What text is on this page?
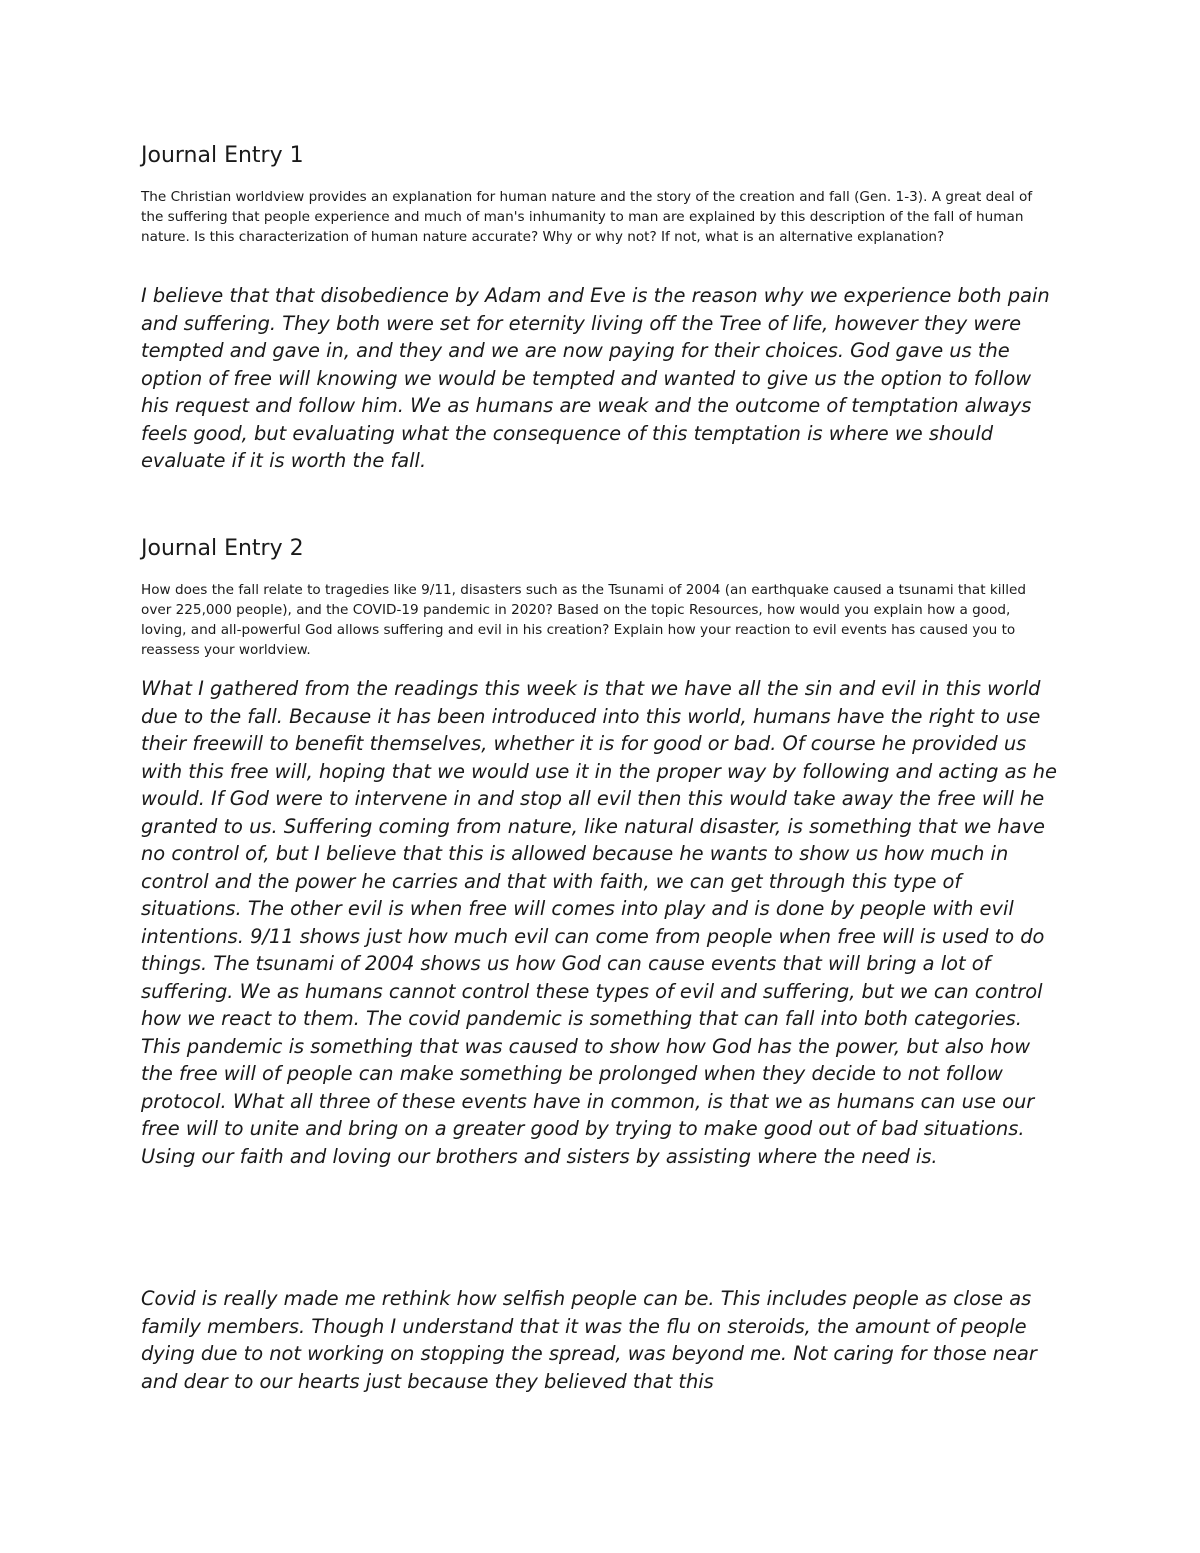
Journal Entry 1

The Christian worldview provides an explanation for human nature and the story of the creation and fall (Gen. 1-3). A great deal of the suffering that people experience and much of man's inhumanity to man are explained by this description of the fall of human nature. Is this characterization of human nature accurate? Why or why not? If not, what is an alternative explanation?

I believe that that disobedience by Adam and Eve is the reason why we experience both pain and suffering. They both were set for eternity living off the Tree of life, however they were tempted and gave in, and they and we are now paying for their choices. God gave us the option of free will knowing we would be tempted and wanted to give us the option to follow his request and follow him. We as humans are weak and the outcome of temptation always feels good, but evaluating what the consequence of this temptation is where we should evaluate if it is worth the fall.

Journal Entry 2

How does the fall relate to tragedies like 9/11, disasters such as the Tsunami of 2004 (an earthquake caused a tsunami that killed over 225,000 people), and the COVID-19 pandemic in 2020? Based on the topic Resources, how would you explain how a good, loving, and all-powerful God allows suffering and evil in his creation? Explain how your reaction to evil events has caused you to reassess your worldview.

What I gathered from the readings this week is that we have all the sin and evil in this world due to the fall. Because it has been introduced into this world, humans have the right to use their freewill to benefit themselves, whether it is for good or bad. Of course he provided us with this free will, hoping that we would use it in the proper way by following and acting as he would. If God were to intervene in and stop all evil then this would take away the free will he granted to us. Suffering coming from nature, like natural disaster, is something that we have no control of, but I believe that this is allowed because he wants to show us how much in control and the power he carries and that with faith, we can get through this type of situations. The other evil is when free will comes into play and is done by people with evil intentions. 9/11 shows just how much evil can come from people when free will is used to do things. The tsunami of 2004 shows us how God can cause events that will bring a lot of suffering. We as humans cannot control these types of evil and suffering, but we can control how we react to them. The covid pandemic is something that can fall into both categories. This pandemic is something that was caused to show how God has the power, but also how the free will of people can make something be prolonged when they decide to not follow protocol. What all three of these events have in common, is that we as humans can use our free will to unite and bring on a greater good by trying to make good out of bad situations. Using our faith and loving our brothers and sisters by assisting where the need is.

Covid is really made me rethink how selfish people can be. This includes people as close as family members. Though I understand that it was the flu on steroids, the amount of people dying due to not working on stopping the spread, was beyond me. Not caring for those near and dear to our hearts just because they believed that this
